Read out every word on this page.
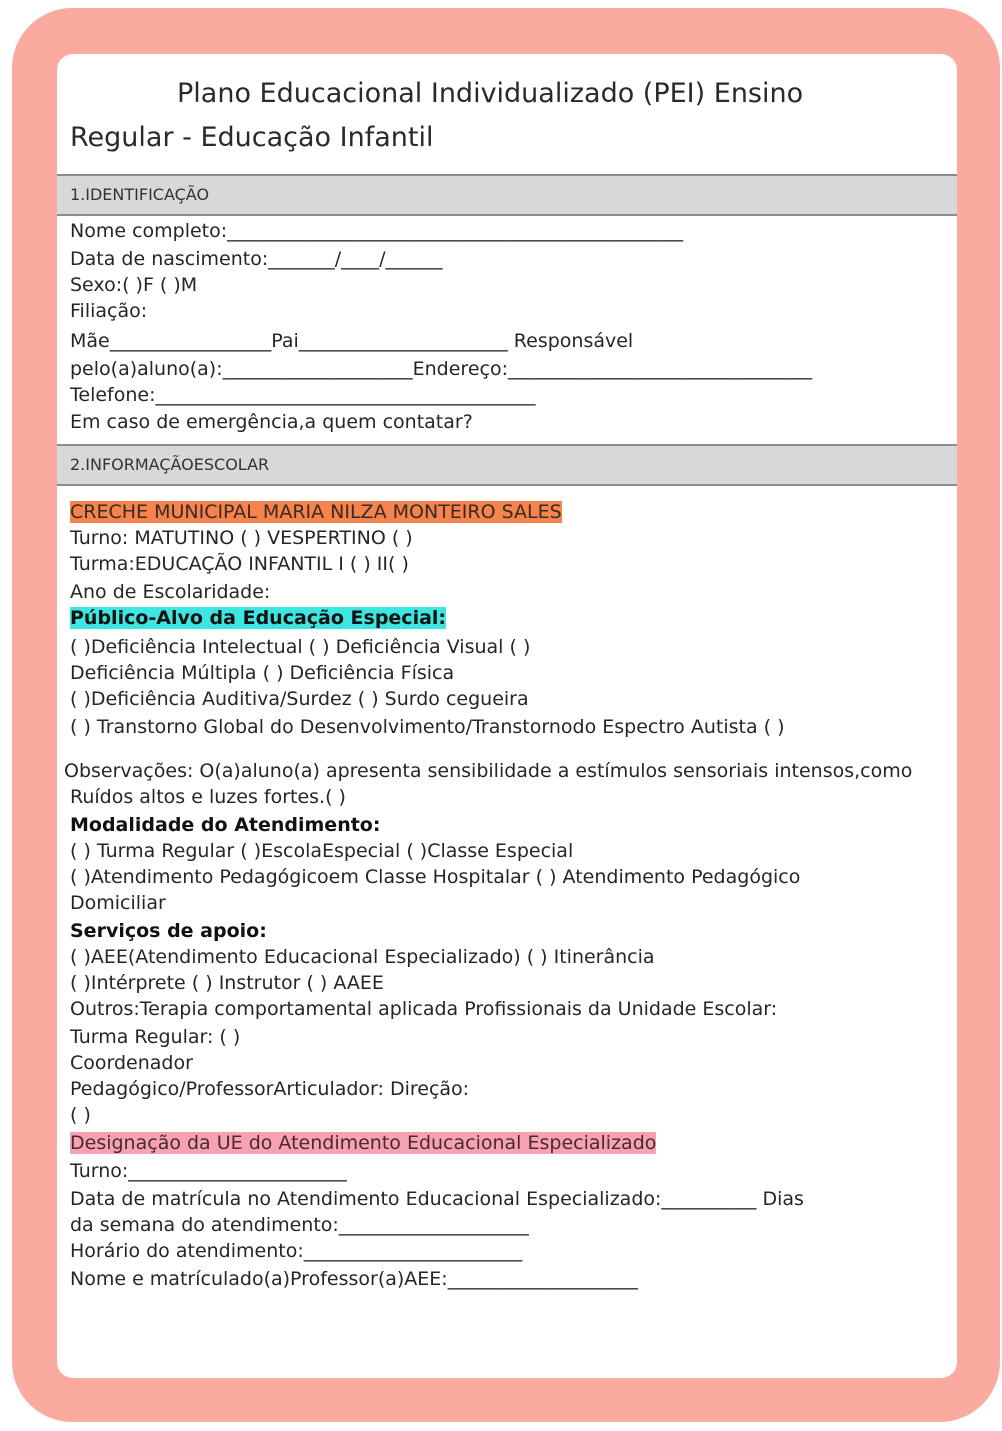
Plano Educacional Individualizado (PEI) Ensino
Regular - Educação Infantil
1.IDENTIFICAÇÃO
Nome completo:________________________________________________
Data de nascimento:_______/____/______
Sexo:( )F ( )M
Filiação:
Mãe_________________Pai______________________ Responsável
pelo(a)aluno(a):____________________Endereço:________________________________
Telefone:________________________________________
Em caso de emergência,a quem contatar?
2.INFORMAÇÃOESCOLAR
CRECHE MUNICIPAL MARIA NILZA MONTEIRO SALES
Turno: MATUTINO ( ) VESPERTINO ( )
Turma:EDUCAÇÃO INFANTIL I ( ) II( )
Ano de Escolaridade:
Público-Alvo da Educação Especial:
( )Deficiência Intelectual ( ) Deficiência Visual ( )
Deficiência Múltipla ( ) Deficiência Física
( )Deficiência Auditiva/Surdez ( ) Surdo cegueira
( ) Transtorno Global do Desenvolvimento/Transtornodo Espectro Autista ( )
Observações: O(a)aluno(a) apresenta sensibilidade a estímulos sensoriais intensos,como
Ruídos altos e luzes fortes.( )
Modalidade do Atendimento:
( ) Turma Regular ( )EscolaEspecial ( )Classe Especial
( )Atendimento Pedagógicoem Classe Hospitalar ( ) Atendimento Pedagógico
Domiciliar
Serviços de apoio:
( )AEE(Atendimento Educacional Especializado) ( ) Itinerância
( )Intérprete ( ) Instrutor ( ) AAEE
Outros:Terapia comportamental aplicada Profissionais da Unidade Escolar:
Turma Regular: ( )
Coordenador
Pedagógico/ProfessorArticulador: Direção:
( )
Designação da UE do Atendimento Educacional Especializado
Turno:_______________________
Data de matrícula no Atendimento Educacional Especializado:__________ Dias
da semana do atendimento:____________________
Horário do atendimento:_______________________
Nome e matrículado(a)Professor(a)AEE:____________________
